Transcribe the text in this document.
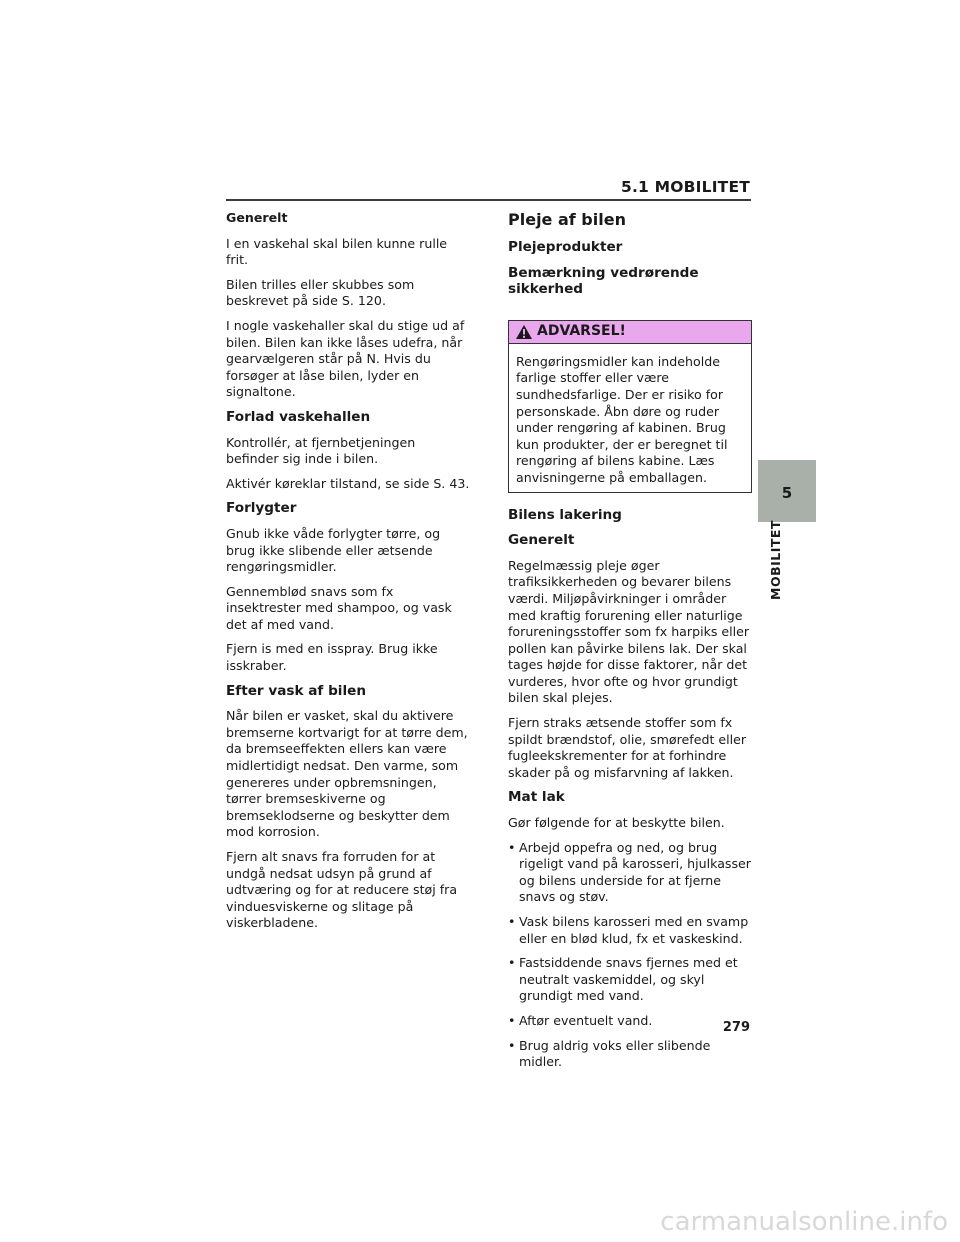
5.1 MOBILITET
Generelt

I en vaskehal skal bilen kunne rulle frit.

Bilen trilles eller skubbes som beskrevet på side S. 120.

I nogle vaskehaller skal du stige ud af bilen. Bilen kan ikke låses udefra, når gearvælgeren står på N. Hvis du forsøger at låse bilen, lyder en signaltone.

Forlad vaskehallen

Kontrollér, at fjernbetjeningen befinder sig inde i bilen.

Aktivér køreklar tilstand, se side S. 43.

Forlygter

Gnub ikke våde forlygter tørre, og brug ikke slibende eller ætsende rengøringsmidler.

Gennemblød snavs som fx insektrester med shampoo, og vask det af med vand.

Fjern is med en isspray. Brug ikke isskraber.

Efter vask af bilen

Når bilen er vasket, skal du aktivere bremserne kortvarigt for at tørre dem, da bremseeffekten ellers kan være midlertidigt nedsat. Den varme, som genereres under opbremsningen, tørrer bremseskiverne og bremseklodserne og beskytter dem mod korrosion.

Fjern alt snavs fra forruden for at undgå nedsat udsyn på grund af udtværing og for at reducere støj fra vinduesviskerne og slitage på viskerbladene.

Pleje af bilen
Plejeprodukter
Bemærkning vedrørende sikkerhed
ADVARSEL!
Rengøringsmidler kan indeholde farlige stoffer eller være sundhedsfarlige. Der er risiko for personskade. Åbn døre og ruder under rengøring af kabinen. Brug kun produkter, der er beregnet til rengøring af bilens kabine. Læs anvisningerne på emballagen.
Bilens lakering
Generelt

Regelmæssig pleje øger trafiksikkerheden og bevarer bilens værdi. Miljøpåvirkninger i områder med kraftig forurening eller naturlige forureningsstoffer som fx harpiks eller pollen kan påvirke bilens lak. Der skal tages højde for disse faktorer, når det vurderes, hvor ofte og hvor grundigt bilen skal plejes.

Fjern straks ætsende stoffer som fx spildt brændstof, olie, smørefedt eller fugleekskrementer for at forhindre skader på og misfarvning af lakken.

Mat lak

Gør følgende for at beskytte bilen.

• Arbejd oppefra og ned, og brug rigeligt vand på karosseri, hjulkasser og bilens underside for at fjerne snavs og støv.
• Vask bilens karosseri med en svamp eller en blød klud, fx et vaskeskind.
• Fastsiddende snavs fjernes med et neutralt vaskemiddel, og skyl grundigt med vand.
• Aftør eventuelt vand.
• Brug aldrig voks eller slibende midler.
5
MOBILITET
279
carmanualsonline.info
